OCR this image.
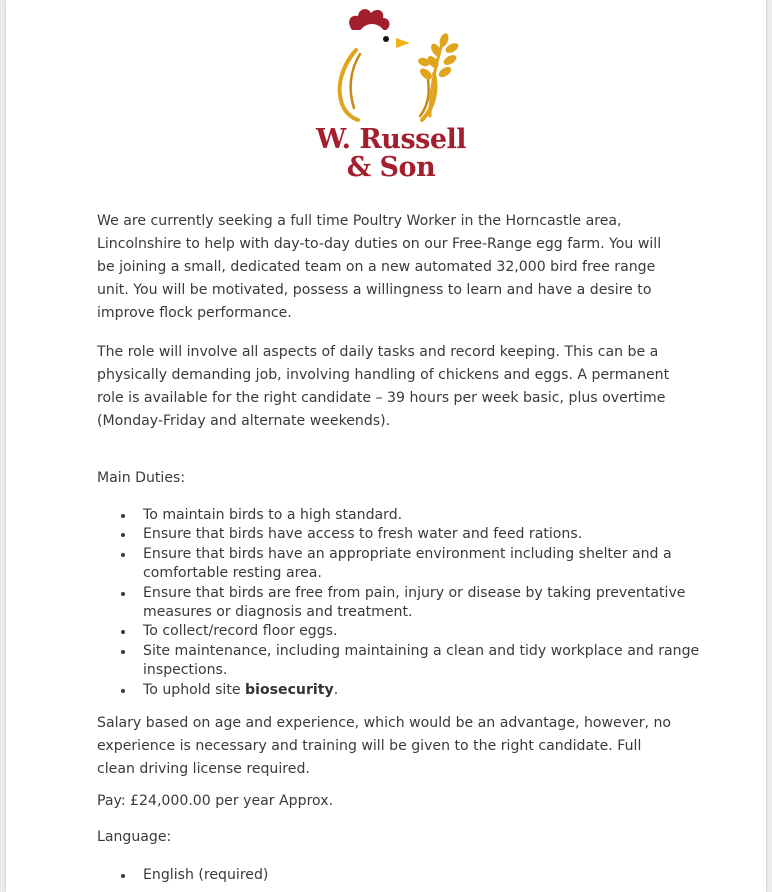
W. Russell
& Son

We are currently seeking a full time Poultry Worker in the Horncastle area, Lincolnshire to help with day-to-day duties on our Free-Range egg farm. You will be joining a small, dedicated team on a new automated 32,000 bird free range unit. You will be motivated, possess a willingness to learn and have a desire to improve flock performance.

The role will involve all aspects of daily tasks and record keeping. This can be a physically demanding job, involving handling of chickens and eggs. A permanent role is available for the right candidate – 39 hours per week basic, plus overtime (Monday-Friday and alternate weekends).

Main Duties:

To maintain birds to a high standard.
Ensure that birds have access to fresh water and feed rations.
Ensure that birds have an appropriate environment including shelter and a comfortable resting area.
Ensure that birds are free from pain, injury or disease by taking preventative measures or diagnosis and treatment.
To collect/record floor eggs.
Site maintenance, including maintaining a clean and tidy workplace and range inspections.
To uphold site biosecurity.

Salary based on age and experience, which would be an advantage, however, no experience is necessary and training will be given to the right candidate. Full clean driving license required.

Pay: £24,000.00 per year Approx.

Language:

English (required)
